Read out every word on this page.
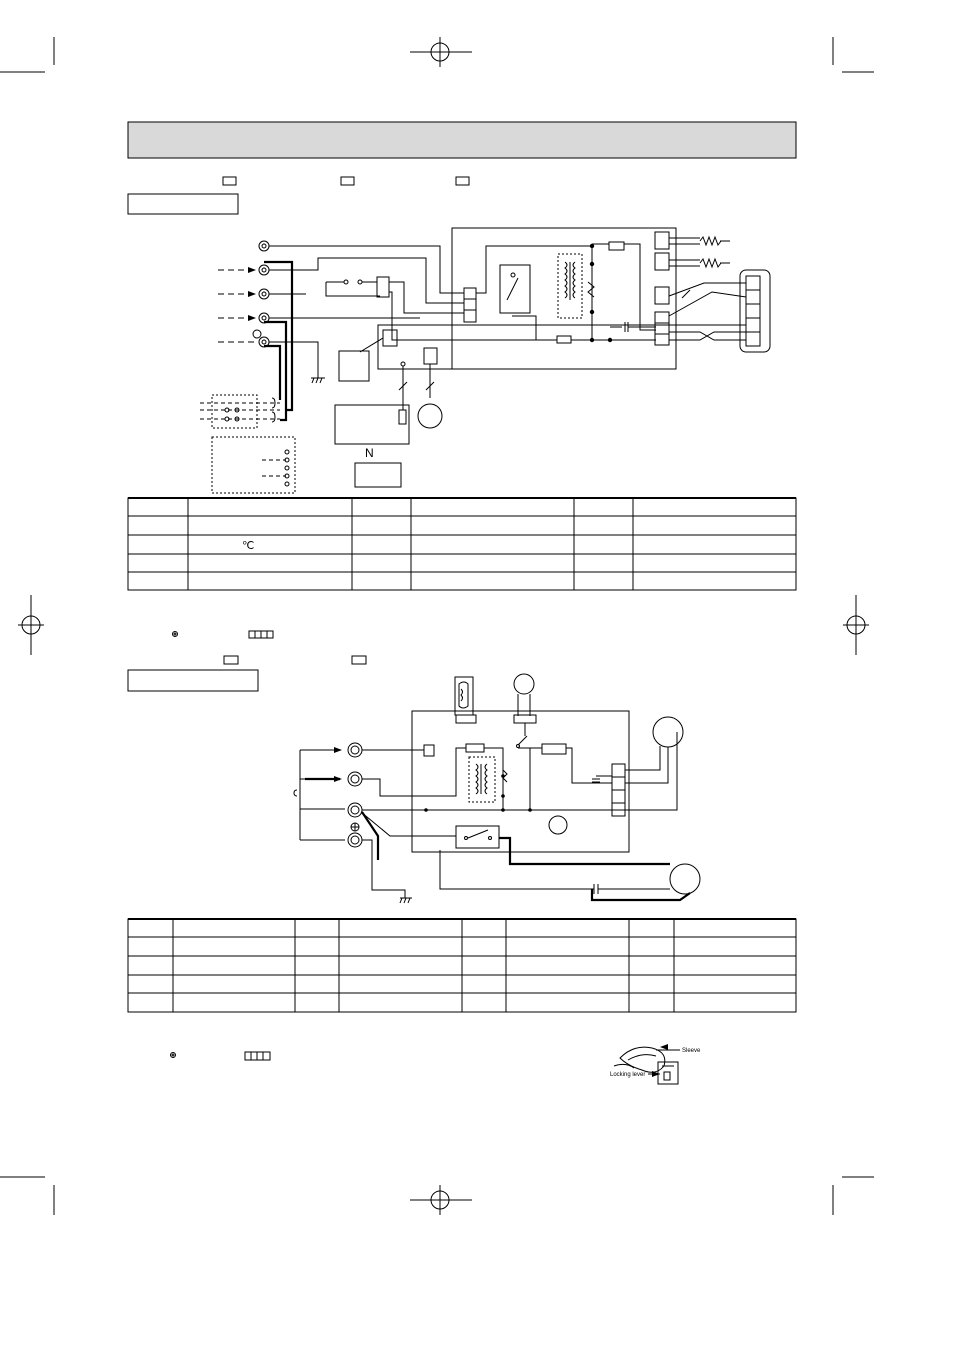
N
℃
Sleeve
Locking lever
